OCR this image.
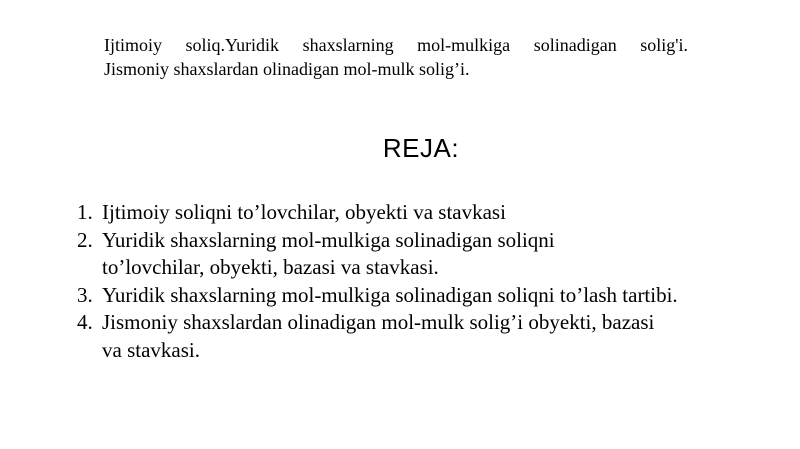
Ijtimoiy soliq.Yuridik shaxslarning mol-mulkiga solinadigan solig'i.
Jismoniy shaxslardan olinadigan mol-mulk solig’i.
REJA:
1. Ijtimoiy soliqni to’lovchilar, obyekti va stavkasi
2. Yuridik shaxslarning mol-mulkiga solinadigan soliqni to’lovchilar, obyekti, bazasi va stavkasi.
3. Yuridik shaxslarning mol-mulkiga solinadigan soliqni to’lash tartibi.
4. Jismoniy shaxslardan olinadigan mol-mulk solig’i obyekti, bazasi va stavkasi.
